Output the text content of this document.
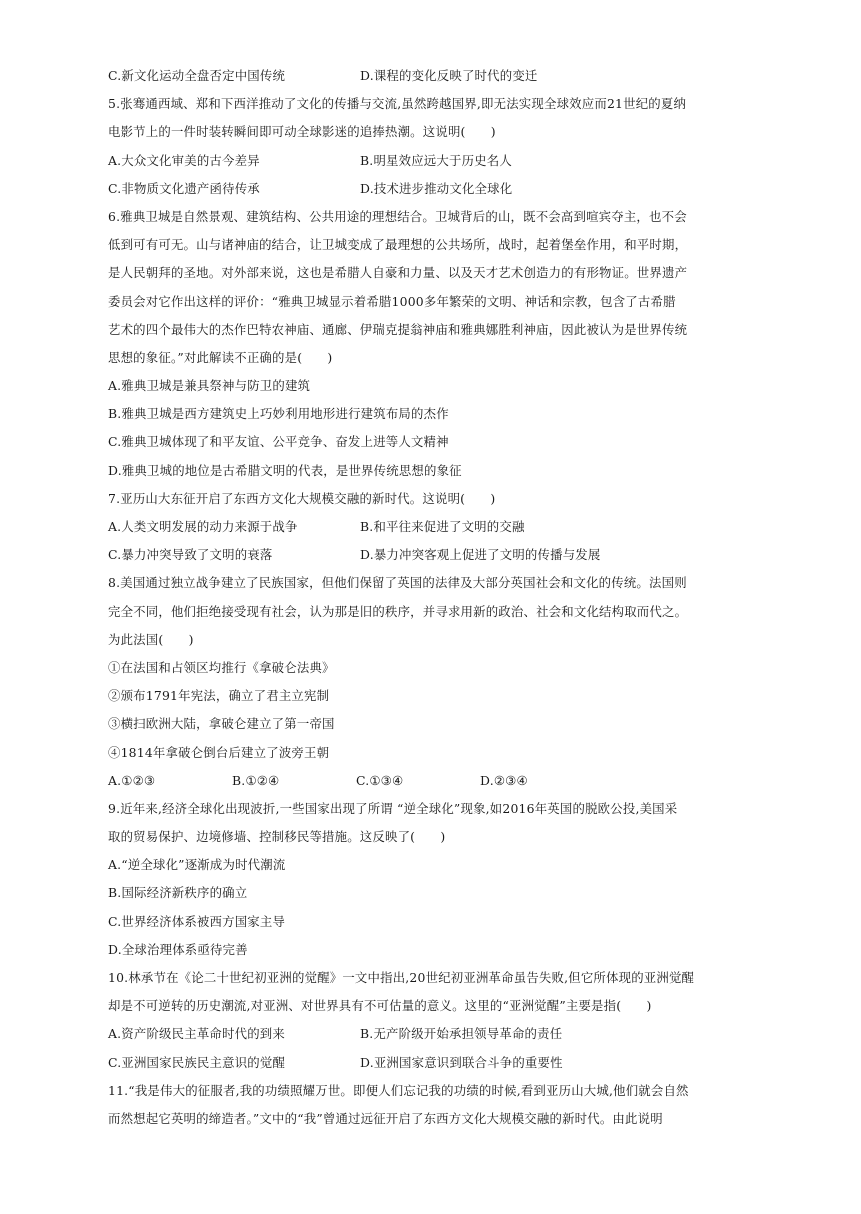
C.新文化运动全盘否定中国传统	D.课程的变化反映了时代的变迁
5.张骞通西域、郑和下西洋推动了文化的传播与交流,虽然跨越国界,即无法实现全球效应而21世纪的夏纳
电影节上的一件时装转瞬间即可动全球影迷的追捧热潮。这说明(　　)
A.大众文化审美的古今差异	B.明星效应远大于历史名人
C.非物质文化遗产函待传承	D.技术进步推动文化全球化
6.雅典卫城是自然景观、建筑结构、公共用途的理想结合。卫城背后的山，既不会高到喧宾夺主，也不会
低到可有可无。山与诸神庙的结合，让卫城变成了最理想的公共场所，战时，起着堡垒作用，和平时期，
是人民朝拜的圣地。对外部来说，这也是希腊人自豪和力量、以及天才艺术创造力的有形物证。世界遗产
委员会对它作出这样的评价：“雅典卫城显示着希腊1000多年繁荣的文明、神话和宗教，包含了古希腊
艺术的四个最伟大的杰作巴特农神庙、通廊、伊瑞克提翁神庙和雅典娜胜利神庙，因此被认为是世界传统
思想的象征。”对此解读不正确的是(　　)
A.雅典卫城是兼具祭神与防卫的建筑
B.雅典卫城是西方建筑史上巧妙利用地形进行建筑布局的杰作
C.雅典卫城体现了和平友谊、公平竞争、奋发上进等人文精神
D.雅典卫城的地位是古希腊文明的代表，是世界传统思想的象征
7.亚历山大东征开启了东西方文化大规模交融的新时代。这说明(　　)
A.人类文明发展的动力来源于战争	B.和平往来促进了文明的交融
C.暴力冲突导致了文明的衰落	D.暴力冲突客观上促进了文明的传播与发展
8.美国通过独立战争建立了民族国家，但他们保留了英国的法律及大部分英国社会和文化的传统。法国则
完全不同，他们拒绝接受现有社会，认为那是旧的秩序，并寻求用新的政治、社会和文化结构取而代之。
为此法国(　　)
①在法国和占领区均推行《拿破仑法典》
②颁布1791年宪法，确立了君主立宪制
③横扫欧洲大陆，拿破仑建立了第一帝国
④1814年拿破仑倒台后建立了波旁王朝
A.①②③	B.①②④	C.①③④	D.②③④
9.近年来,经济全球化出现波折,一些国家出现了所谓 “逆全球化”现象,如2016年英国的脱欧公投,美国采
取的贸易保护、边境修墙、控制移民等措施。这反映了(　　)
A.“逆全球化”逐渐成为时代潮流
B.国际经济新秩序的确立
C.世界经济体系被西方国家主导
D.全球治理体系亟待完善
10.林承节在《论二十世纪初亚洲的觉醒》一文中指出,20世纪初亚洲革命虽告失败,但它所体现的亚洲觉醒
却是不可逆转的历史潮流,对亚洲、对世界具有不可估量的意义。这里的“亚洲觉醒”主要是指(　　)
A.资产阶级民主革命时代的到来	B.无产阶级开始承担领导革命的责任
C.亚洲国家民族民主意识的觉醒	D.亚洲国家意识到联合斗争的重要性
11.“我是伟大的征服者,我的功绩照耀万世。即便人们忘记我的功绩的时候,看到亚历山大城,他们就会自然
而然想起它英明的缔造者。”文中的“我”曾通过远征开启了东西方文化大规模交融的新时代。由此说明
